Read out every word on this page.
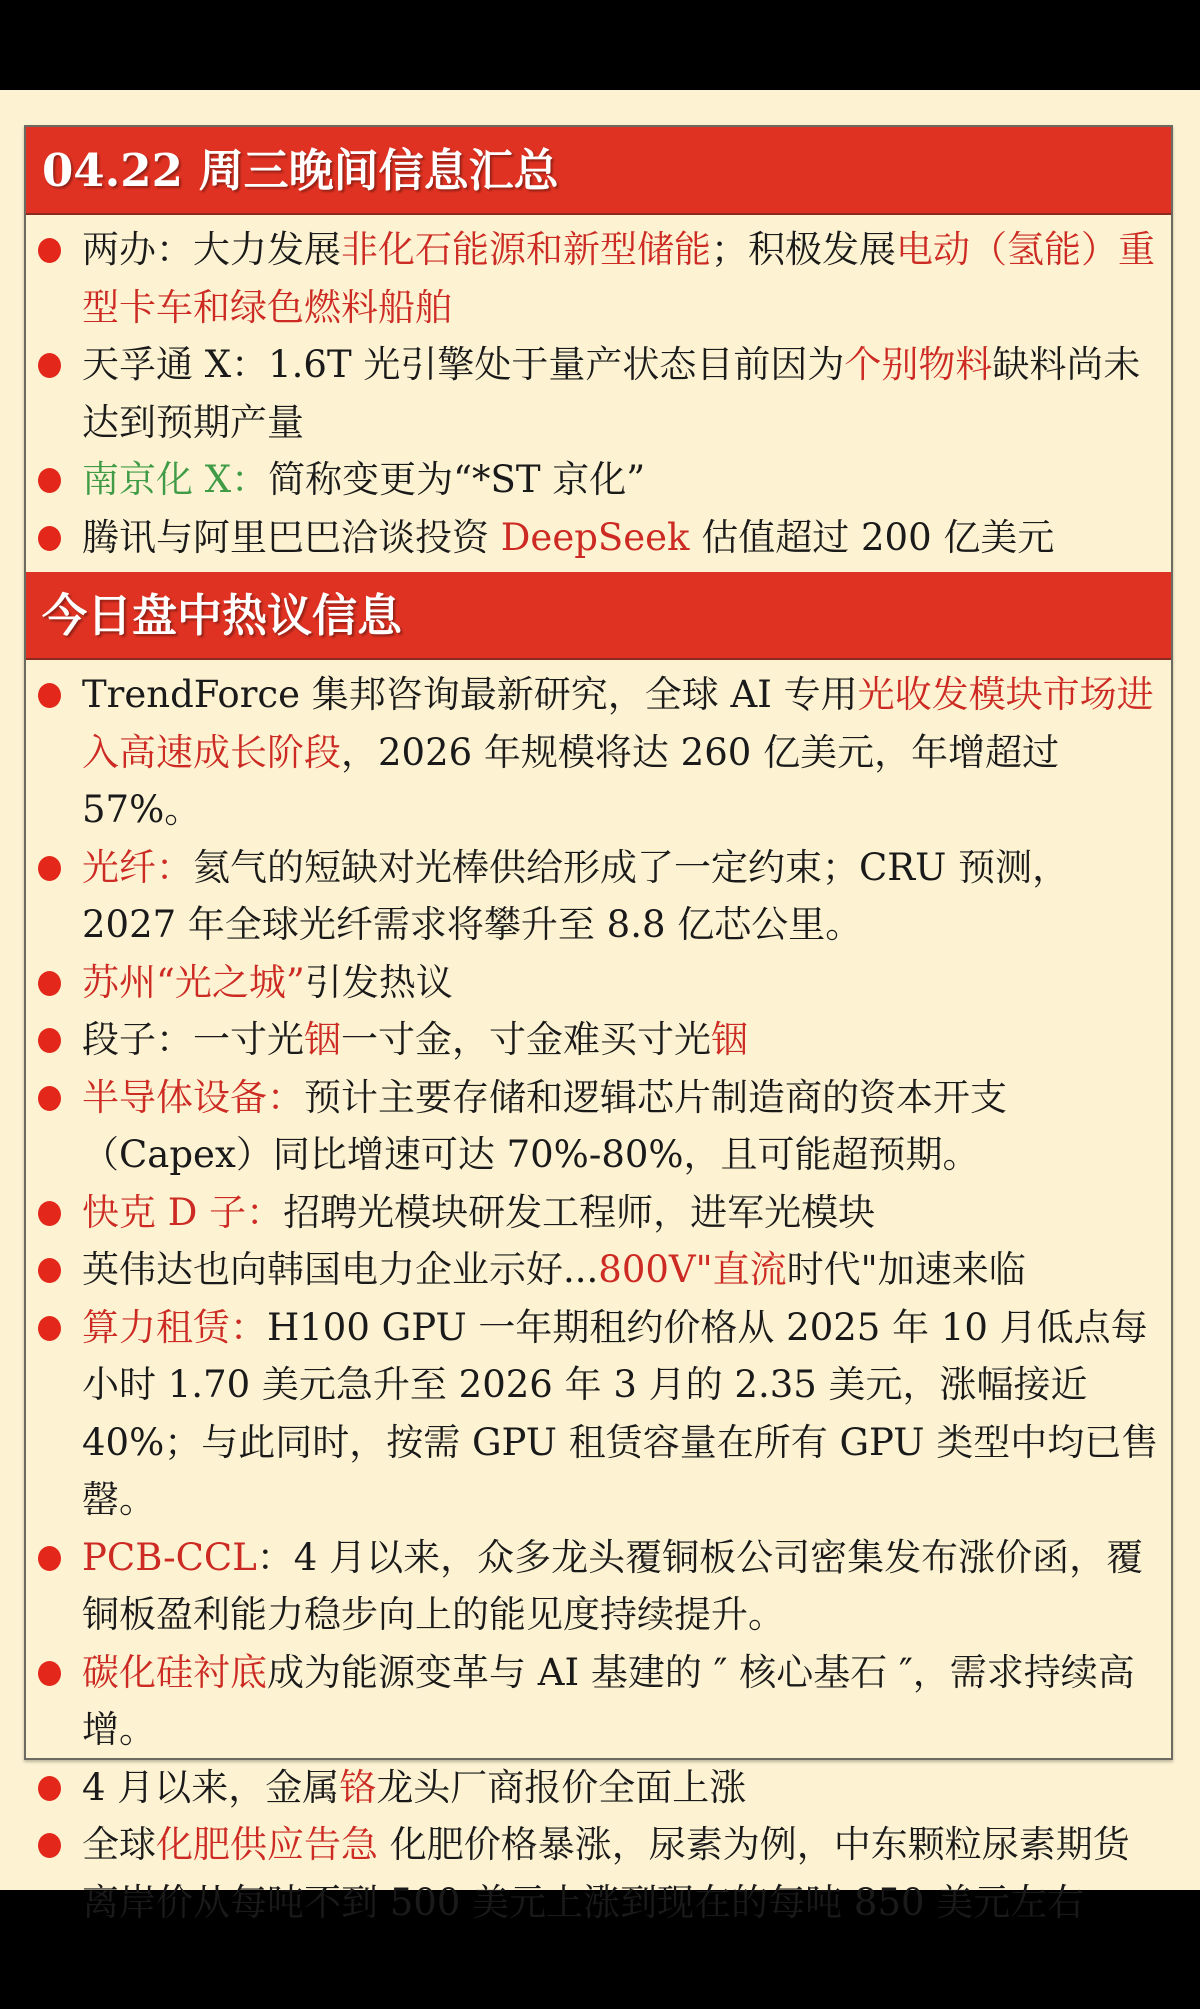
04.22 周三晚间信息汇总
两办：大力发展非化石能源和新型储能；积极发展电动（氢能）重型卡车和绿色燃料船舶
天孚通 X：1.6T 光引擎处于量产状态目前因为个别物料缺料尚未达到预期产量
南京化 X：简称变更为“*ST 京化”
腾讯与阿里巴巴洽谈投资 DeepSeek 估值超过 200 亿美元
今日盘中热议信息
TrendForce 集邦咨询最新研究，全球 AI 专用光收发模块市场进入高速成长阶段，2026 年规模将达 260 亿美元，年增超过 57%。
光纤：氦气的短缺对光棒供给形成了一定约束；CRU 预测，2027 年全球光纤需求将攀升至 8.8 亿芯公里。
苏州“光之城”引发热议
段子：一寸光铟一寸金，寸金难买寸光铟
半导体设备：预计主要存储和逻辑芯片制造商的资本开支（Capex）同比增速可达 70%-80%，且可能超预期。
快克 D 子：招聘光模块研发工程师，进军光模块
英伟达也向韩国电力企业示好...800V"直流时代"加速来临
算力租赁：H100 GPU 一年期租约价格从 2025 年 10 月低点每小时 1.70 美元急升至 2026 年 3 月的 2.35 美元，涨幅接近 40%；与此同时，按需 GPU 租赁容量在所有 GPU 类型中均已售罄。
PCB-CCL：4 月以来，众多龙头覆铜板公司密集发布涨价函，覆铜板盈利能力稳步向上的能见度持续提升。
碳化硅衬底成为能源变革与 AI 基建的 ″ 核心基石 ″，需求持续高增。
4 月以来，金属铬龙头厂商报价全面上涨
全球化肥供应告急 化肥价格暴涨，尿素为例，中东颗粒尿素期货离岸价从每吨不到 500 美元上涨到现在的每吨 850 美元左右
